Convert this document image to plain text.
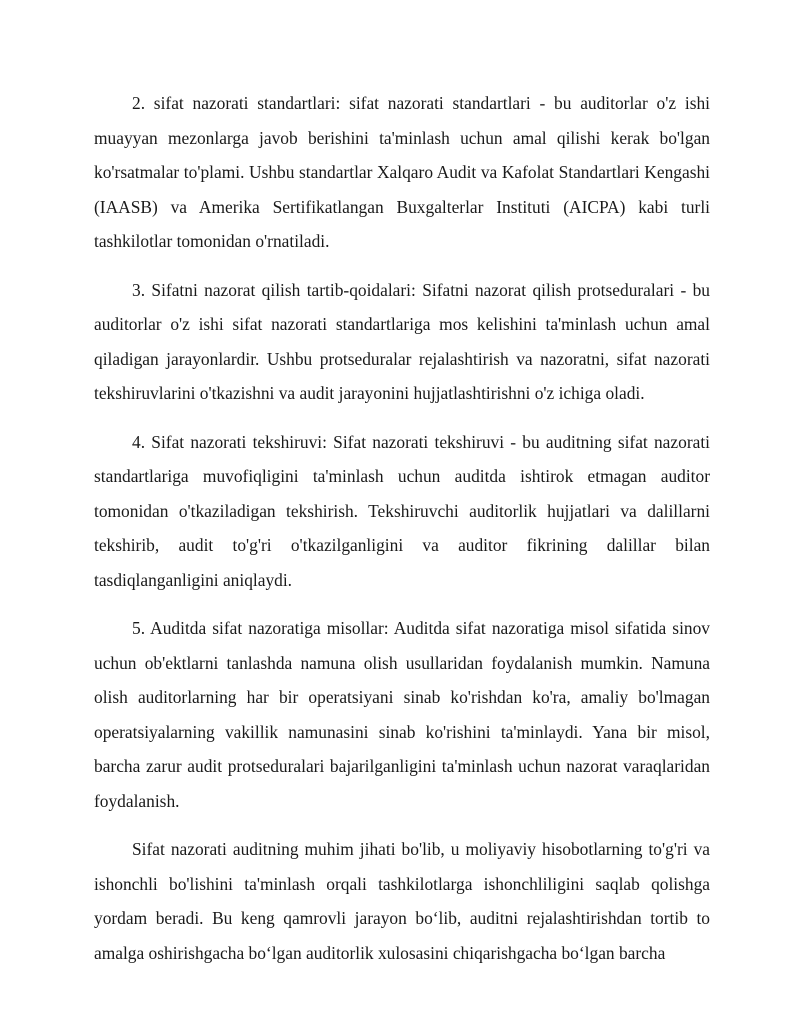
2. sifat nazorati standartlari: sifat nazorati standartlari - bu auditorlar o'z ishi muayyan mezonlarga javob berishini ta'minlash uchun amal qilishi kerak bo'lgan ko'rsatmalar to'plami. Ushbu standartlar Xalqaro Audit va Kafolat Standartlari Kengashi (IAASB) va Amerika Sertifikatlangan Buxgalterlar Instituti (AICPA) kabi turli tashkilotlar tomonidan o'rnatiladi.

3. Sifatni nazorat qilish tartib-qoidalari: Sifatni nazorat qilish protseduralari - bu auditorlar o'z ishi sifat nazorati standartlariga mos kelishini ta'minlash uchun amal qiladigan jarayonlardir. Ushbu protseduralar rejalashtirish va nazoratni, sifat nazorati tekshiruvlarini o'tkazishni va audit jarayonini hujjatlashtirishni o'z ichiga oladi.

4. Sifat nazorati tekshiruvi: Sifat nazorati tekshiruvi - bu auditning sifat nazorati standartlariga muvofiqligini ta'minlash uchun auditda ishtirok etmagan auditor tomonidan o'tkaziladigan tekshirish. Tekshiruvchi auditorlik hujjatlari va dalillarni tekshirib, audit to'g'ri o'tkazilganligini va auditor fikrining dalillar bilan tasdiqlanganligini aniqlaydi.

5. Auditda sifat nazoratiga misollar: Auditda sifat nazoratiga misol sifatida sinov uchun ob'ektlarni tanlashda namuna olish usullaridan foydalanish mumkin. Namuna olish auditorlarning har bir operatsiyani sinab ko'rishdan ko'ra, amaliy bo'lmagan operatsiyalarning vakillik namunasini sinab ko'rishini ta'minlaydi. Yana bir misol, barcha zarur audit protseduralari bajarilganligini ta'minlash uchun nazorat varaqlaridan foydalanish.

Sifat nazorati auditning muhim jihati bo'lib, u moliyaviy hisobotlarning to'g'ri va ishonchli bo'lishini ta'minlash orqali tashkilotlarga ishonchliligini saqlab qolishga yordam beradi. Bu keng qamrovli jarayon bo‘lib, auditni rejalashtirishdan tortib to amalga oshirishgacha bo‘lgan auditorlik xulosasini chiqarishgacha bo‘lgan barcha
